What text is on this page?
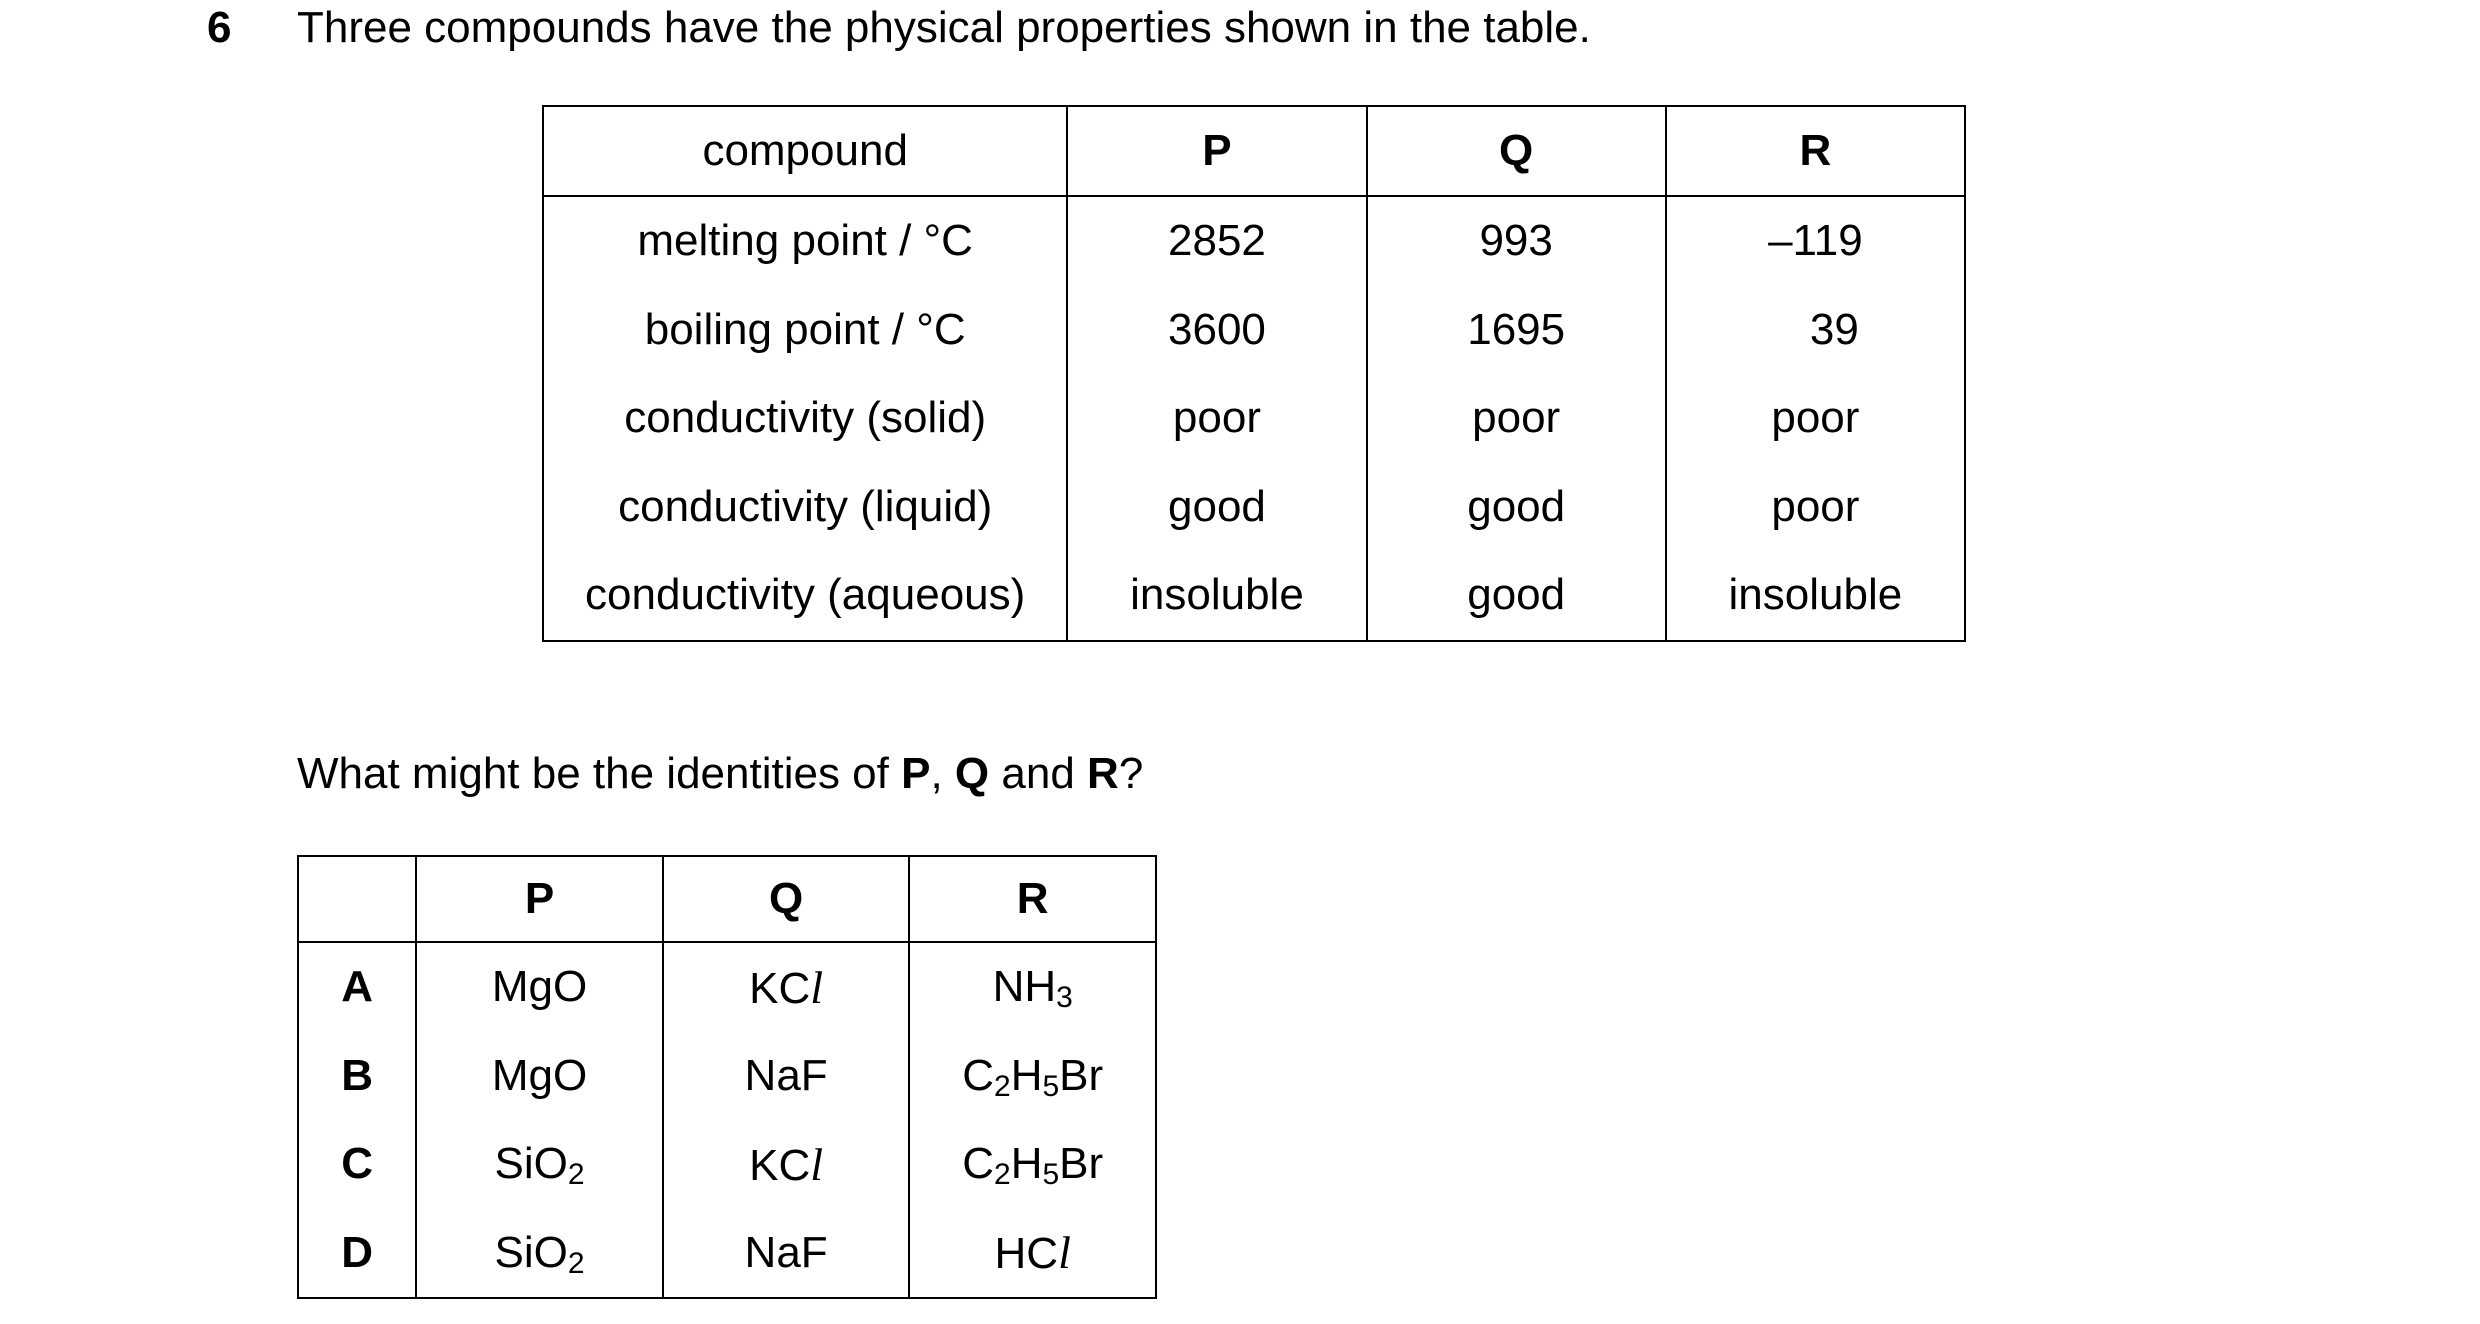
6 Three compounds have the physical properties shown in the table.
compound	P	Q	R
melting point / °C	2852	993	–119
boiling point / °C	3600	1695	39
conductivity (solid)	poor	poor	poor
conductivity (liquid)	good	good	poor
conductivity (aqueous)	insoluble	good	insoluble
What might be the identities of P, Q and R?
	P	Q	R
A	MgO	KCl	$NH_3$
B	MgO	NaF	$C_2H_5Br$
C	SiO$_2$	KCl	$C_2H_5Br$
D	SiO$_2$	NaF	HCl
